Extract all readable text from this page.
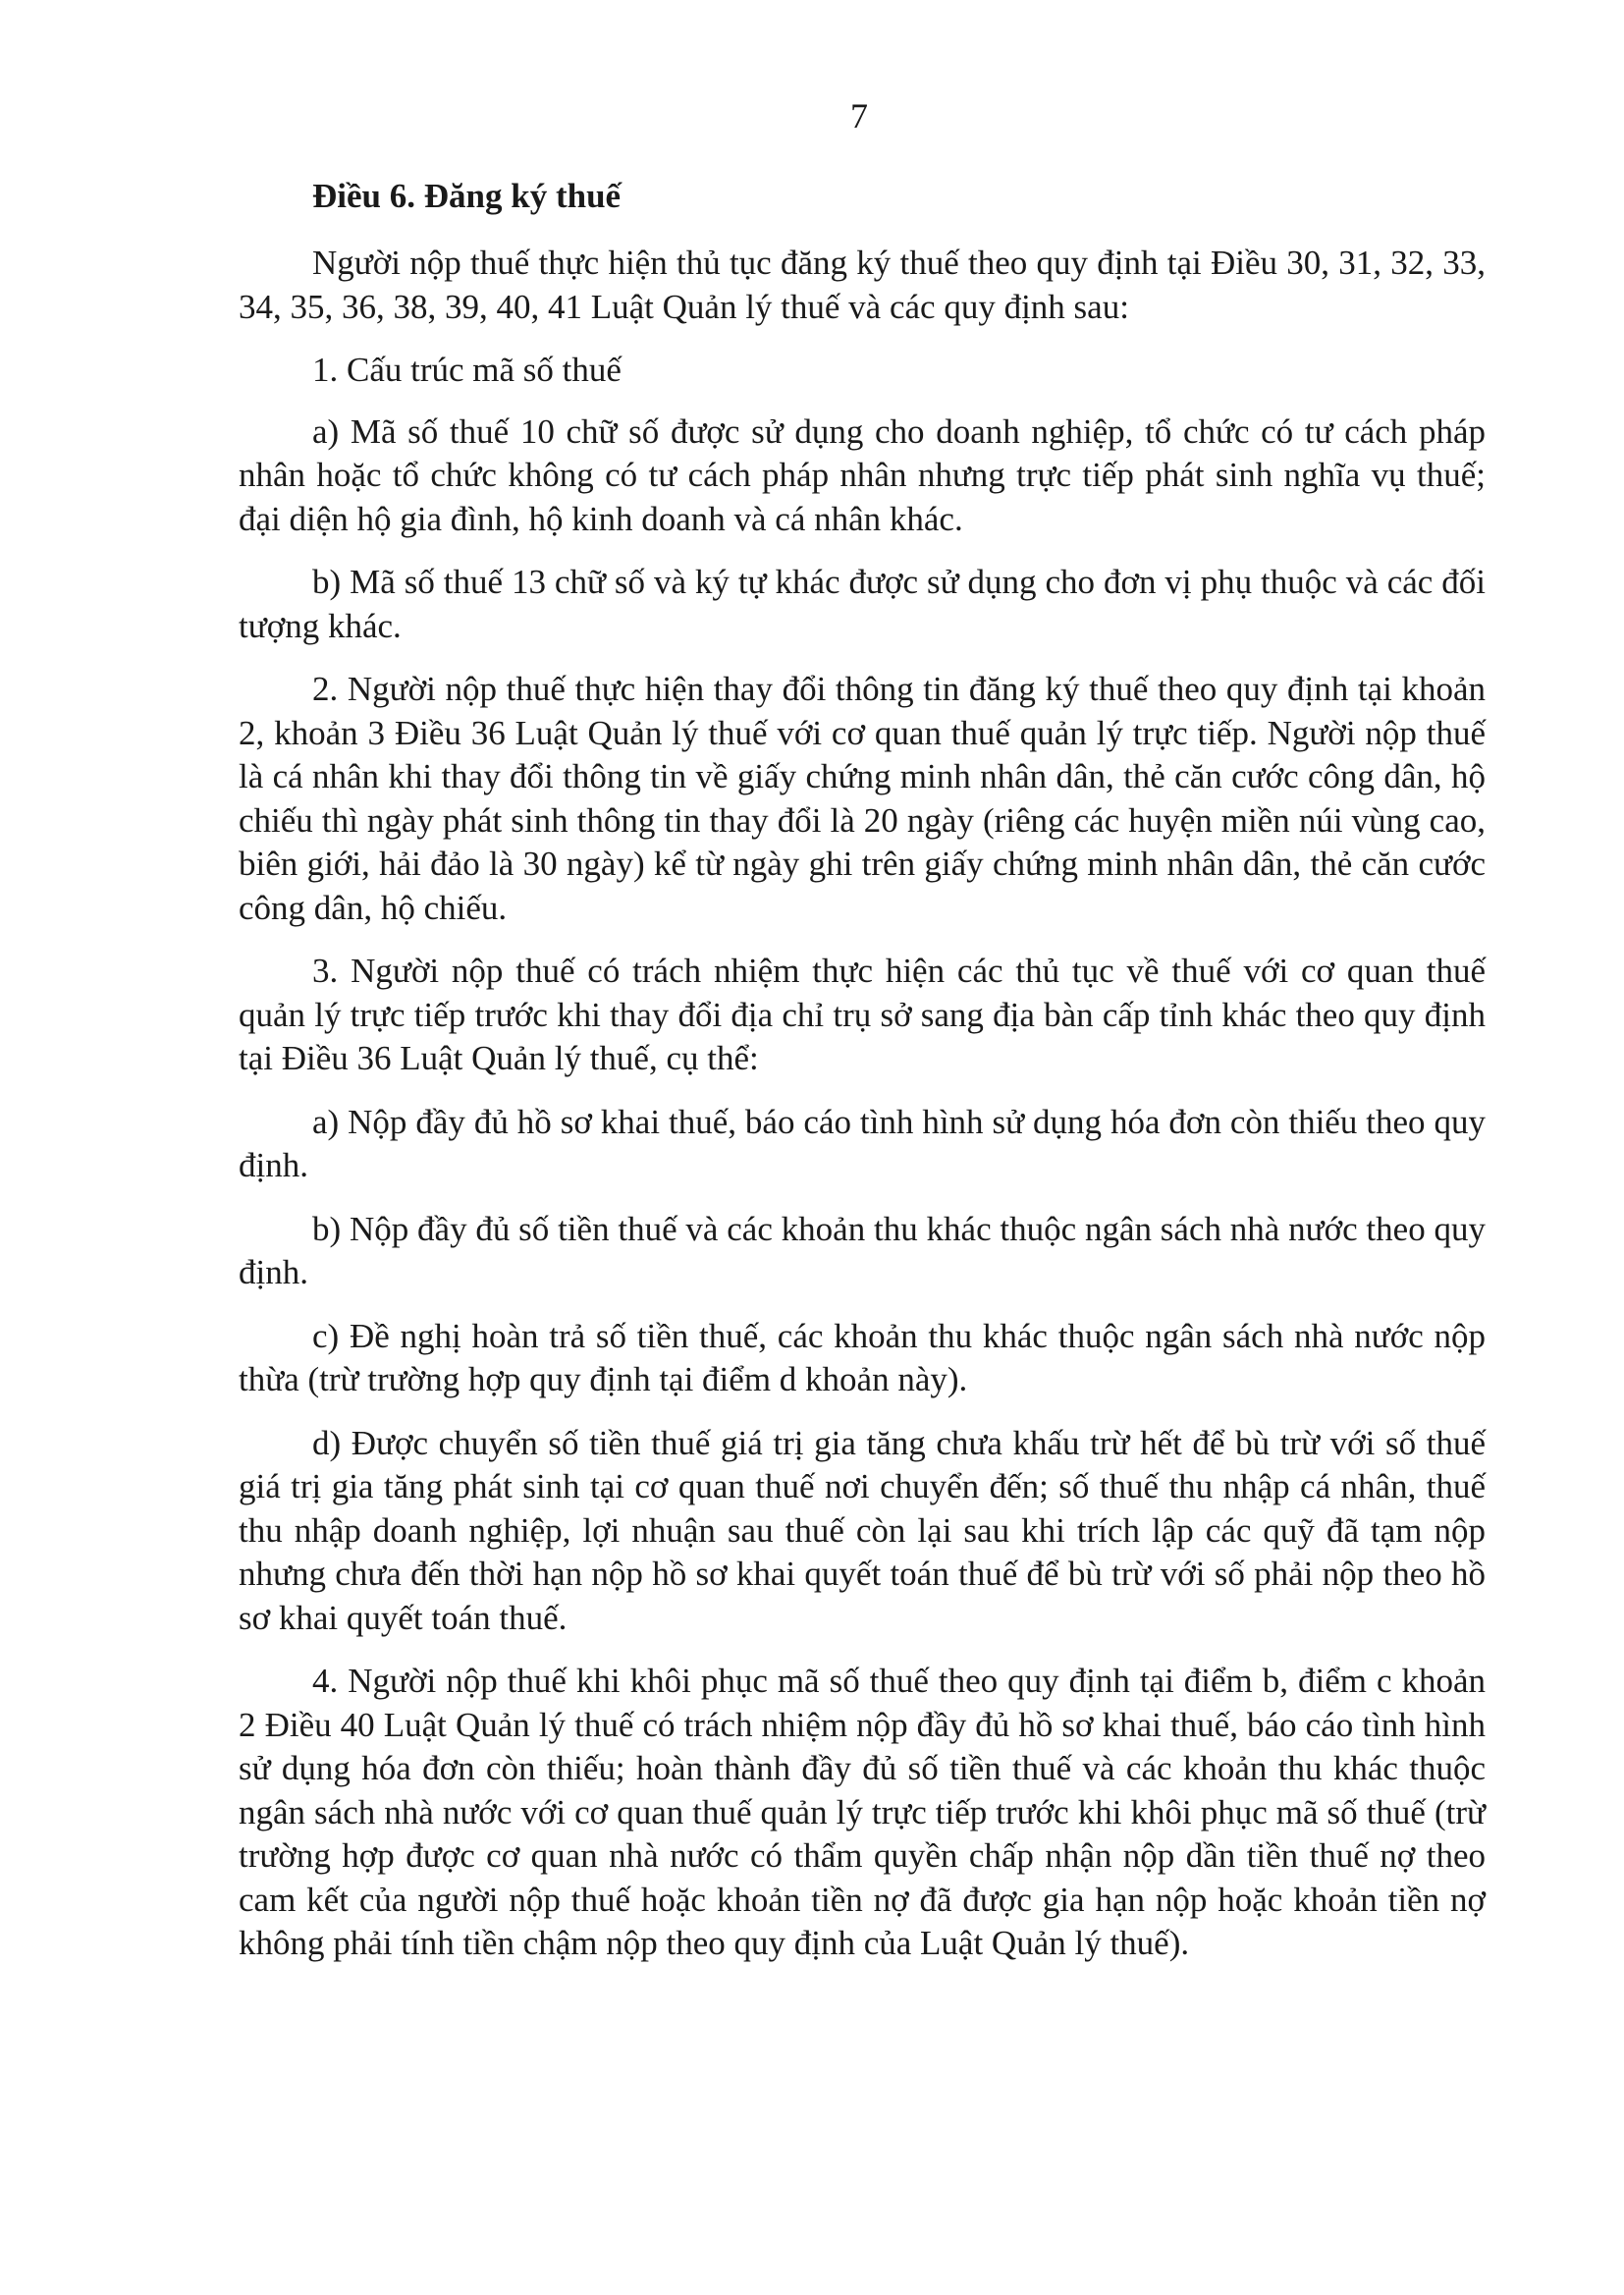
7
Điều 6. Đăng ký thuế

Người nộp thuế thực hiện thủ tục đăng ký thuế theo quy định tại Điều 30, 31, 32, 33, 34, 35, 36, 38, 39, 40, 41 Luật Quản lý thuế và các quy định sau:

1. Cấu trúc mã số thuế

a) Mã số thuế 10 chữ số được sử dụng cho doanh nghiệp, tổ chức có tư cách pháp nhân hoặc tổ chức không có tư cách pháp nhân nhưng trực tiếp phát sinh nghĩa vụ thuế; đại diện hộ gia đình, hộ kinh doanh và cá nhân khác.

b) Mã số thuế 13 chữ số và ký tự khác được sử dụng cho đơn vị phụ thuộc và các đối tượng khác.

2. Người nộp thuế thực hiện thay đổi thông tin đăng ký thuế theo quy định tại khoản 2, khoản 3 Điều 36 Luật Quản lý thuế với cơ quan thuế quản lý trực tiếp. Người nộp thuế là cá nhân khi thay đổi thông tin về giấy chứng minh nhân dân, thẻ căn cước công dân, hộ chiếu thì ngày phát sinh thông tin thay đổi là 20 ngày (riêng các huyện miền núi vùng cao, biên giới, hải đảo là 30 ngày) kể từ ngày ghi trên giấy chứng minh nhân dân, thẻ căn cước công dân, hộ chiếu.

3. Người nộp thuế có trách nhiệm thực hiện các thủ tục về thuế với cơ quan thuế quản lý trực tiếp trước khi thay đổi địa chỉ trụ sở sang địa bàn cấp tỉnh khác theo quy định tại Điều 36 Luật Quản lý thuế, cụ thể:

a) Nộp đầy đủ hồ sơ khai thuế, báo cáo tình hình sử dụng hóa đơn còn thiếu theo quy định.

b) Nộp đầy đủ số tiền thuế và các khoản thu khác thuộc ngân sách nhà nước theo quy định.

c) Đề nghị hoàn trả số tiền thuế, các khoản thu khác thuộc ngân sách nhà nước nộp thừa (trừ trường hợp quy định tại điểm d khoản này).

d) Được chuyển số tiền thuế giá trị gia tăng chưa khấu trừ hết để bù trừ với số thuế giá trị gia tăng phát sinh tại cơ quan thuế nơi chuyển đến; số thuế thu nhập cá nhân, thuế thu nhập doanh nghiệp, lợi nhuận sau thuế còn lại sau khi trích lập các quỹ đã tạm nộp nhưng chưa đến thời hạn nộp hồ sơ khai quyết toán thuế để bù trừ với số phải nộp theo hồ sơ khai quyết toán thuế.

4. Người nộp thuế khi khôi phục mã số thuế theo quy định tại điểm b, điểm c khoản 2 Điều 40 Luật Quản lý thuế có trách nhiệm nộp đầy đủ hồ sơ khai thuế, báo cáo tình hình sử dụng hóa đơn còn thiếu; hoàn thành đầy đủ số tiền thuế và các khoản thu khác thuộc ngân sách nhà nước với cơ quan thuế quản lý trực tiếp trước khi khôi phục mã số thuế (trừ trường hợp được cơ quan nhà nước có thẩm quyền chấp nhận nộp dần tiền thuế nợ theo cam kết của người nộp thuế hoặc khoản tiền nợ đã được gia hạn nộp hoặc khoản tiền nợ không phải tính tiền chậm nộp theo quy định của Luật Quản lý thuế).
